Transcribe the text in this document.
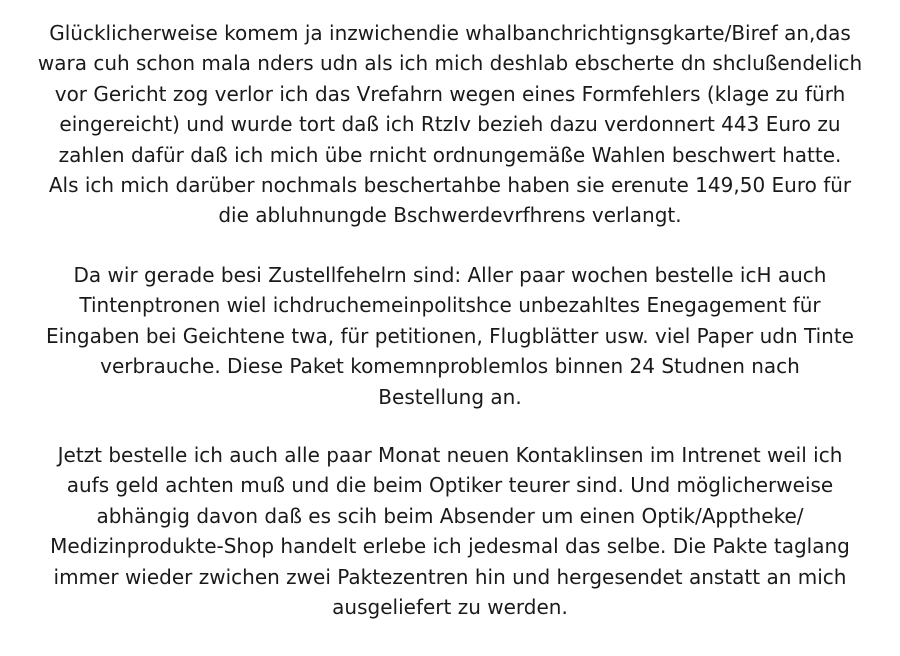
Glücklicherweise komem ja inzwichendie whalbanchrichtignsgkarte/Biref an,das
wara cuh schon mala nders udn als ich mich deshlab ebscherte dn shclußendelich
vor Gericht zog verlor ich das Vrefahrn wegen eines Formfehlers (klage zu fürh
eingereicht) und wurde tort daß ich RtzIv bezieh dazu verdonnert 443 Euro zu
zahlen dafür daß ich mich übe rnicht ordnungemäße Wahlen beschwert hatte.
Als ich mich darüber nochmals beschertahbe haben sie erenute 149,50 Euro für
die abluhnungde Bschwerdevrfhrens verlangt.
Da wir gerade besi Zustellfehelrn sind: Aller paar wochen bestelle icH auch
Tintenptronen wiel ichdruchemeinpolitshce unbezahltes Enegagement für
Eingaben bei Geichtene twa, für petitionen, Flugblätter usw. viel Paper udn Tinte
verbrauche. Diese Paket komemnproblemlos binnen 24 Studnen nach
Bestellung an.
Jetzt bestelle ich auch alle paar Monat neuen Kontaklinsen im Intrenet weil ich
aufs geld achten muß und die beim Optiker teurer sind. Und möglicherweise
abhängig davon daß es scih beim Absender um einen Optik/Apptheke/
Medizinprodukte-Shop handelt erlebe ich jedesmal das selbe. Die Pakte taglang
immer wieder zwichen zwei Paktezentren hin und hergesendet anstatt an mich
ausgeliefert zu werden.
